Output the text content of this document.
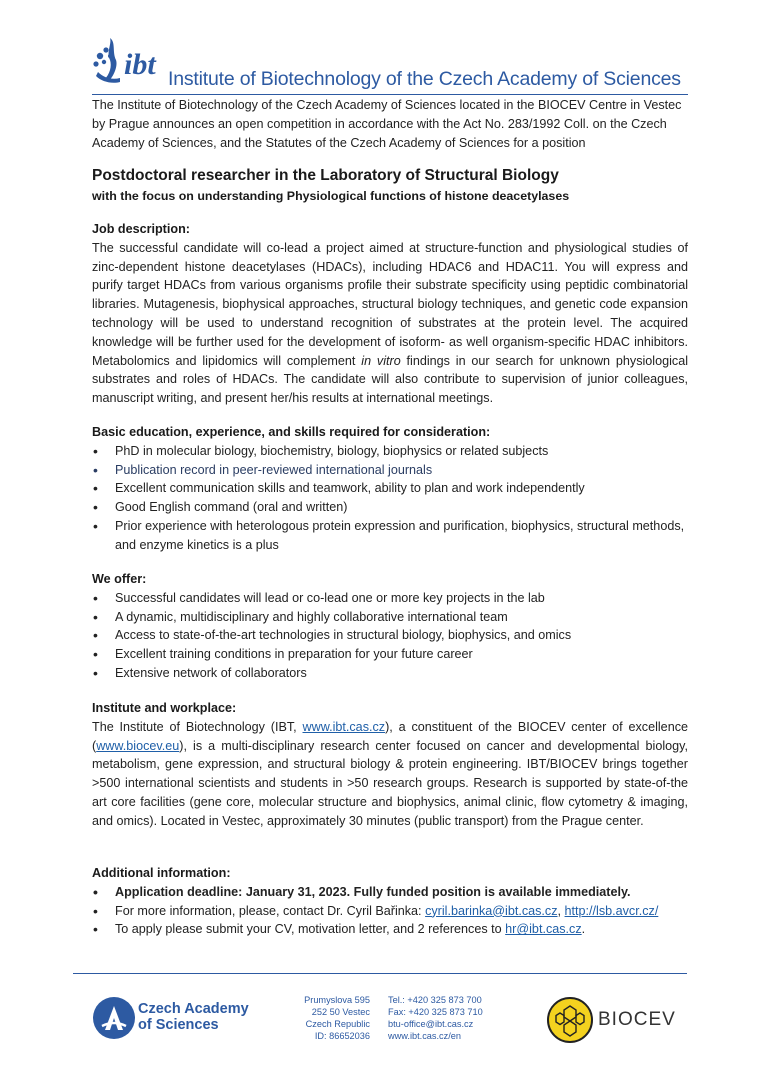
ibt Institute of Biotechnology of the Czech Academy of Sciences
The Institute of Biotechnology of the Czech Academy of Sciences located in the BIOCEV Centre in Vestec by Prague announces an open competition in accordance with the Act No. 283/1992 Coll. on the Czech Academy of Sciences, and the Statutes of the Czech Academy of Sciences for a position
Postdoctoral researcher in the Laboratory of Structural Biology
with the focus on understanding Physiological functions of histone deacetylases
Job description:
The successful candidate will co-lead a project aimed at structure-function and physiological studies of zinc-dependent histone deacetylases (HDACs), including HDAC6 and HDAC11. You will express and purify target HDACs from various organisms profile their substrate specificity using peptidic combinatorial libraries. Mutagenesis, biophysical approaches, structural biology techniques, and genetic code expansion technology will be used to understand recognition of substrates at the protein level. The acquired knowledge will be further used for the development of isoform- as well organism-specific HDAC inhibitors. Metabolomics and lipidomics will complement in vitro findings in our search for unknown physiological substrates and roles of HDACs. The candidate will also contribute to supervision of junior colleagues, manuscript writing, and present her/his results at international meetings.
Basic education, experience, and skills required for consideration:
• PhD in molecular biology, biochemistry, biology, biophysics or related subjects
• Publication record in peer-reviewed international journals
• Excellent communication skills and teamwork, ability to plan and work independently
• Good English command (oral and written)
• Prior experience with heterologous protein expression and purification, biophysics, structural methods, and enzyme kinetics is a plus
We offer:
• Successful candidates will lead or co-lead one or more key projects in the lab
• A dynamic, multidisciplinary and highly collaborative international team
• Access to state-of-the-art technologies in structural biology, biophysics, and omics
• Excellent training conditions in preparation for your future career
• Extensive network of collaborators
Institute and workplace:
The Institute of Biotechnology (IBT, www.ibt.cas.cz), a constituent of the BIOCEV center of excellence (www.biocev.eu), is a multi-disciplinary research center focused on cancer and developmental biology, metabolism, gene expression, and structural biology & protein engineering. IBT/BIOCEV brings together >500 international scientists and students in >50 research groups. Research is supported by state-of-the art core facilities (gene core, molecular structure and biophysics, animal clinic, flow cytometry & imaging, and omics). Located in Vestec, approximately 30 minutes (public transport) from the Prague center.
Additional information:
• Application deadline: January 31, 2023. Fully funded position is available immediately.
• For more information, please, contact Dr. Cyril Bařinka: cyril.barinka@ibt.cas.cz, http://lsb.avcr.cz/
• To apply please submit your CV, motivation letter, and 2 references to hr@ibt.cas.cz.
Czech Academy
of Sciences
Prumyslova 595
252 50 Vestec
Czech Republic
ID: 86652036
Tel.: +420 325 873 700
Fax: +420 325 873 710
btu-office@ibt.cas.cz
www.ibt.cas.cz/en
BIOCEV
